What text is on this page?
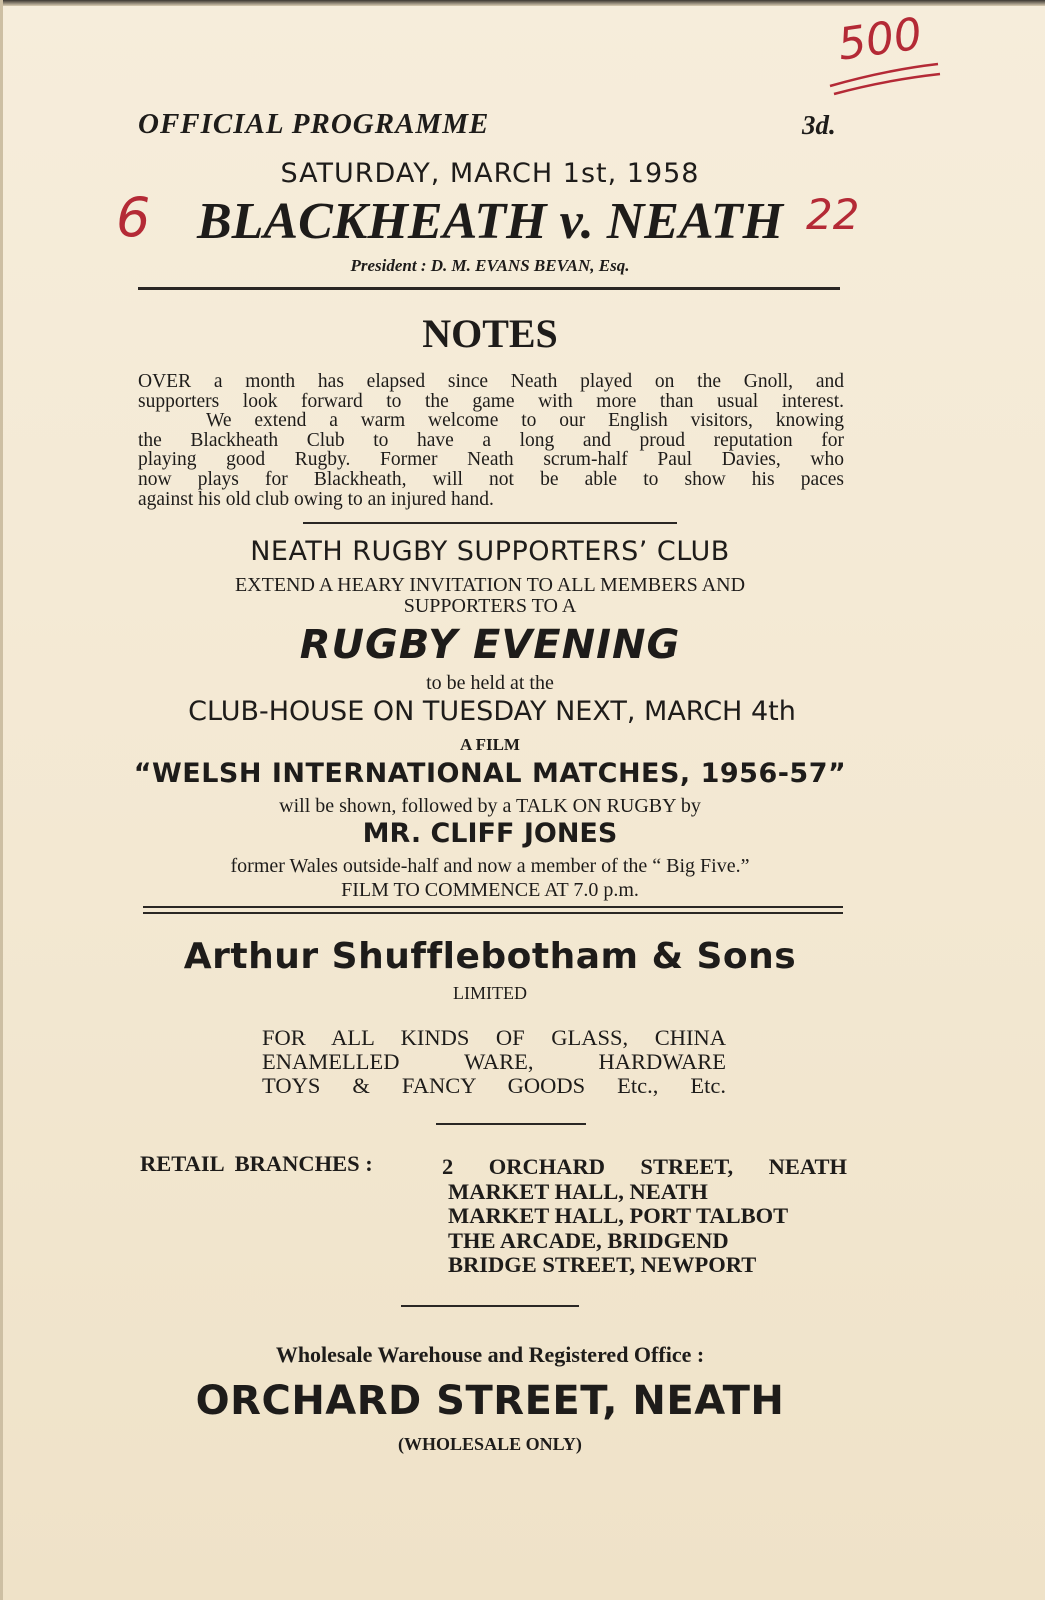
500
OFFICIAL PROGRAMME	3d.
SATURDAY, MARCH 1st, 1958
6 BLACKHEATH v. NEATH 22
President : D. M. EVANS BEVAN, Esq.
NOTES
OVER a month has elapsed since Neath played on the Gnoll, and
supporters look forward to the game with more than usual interest.
We extend a warm welcome to our English visitors, knowing
the Blackheath Club to have a long and proud reputation for
playing good Rugby. Former Neath scrum-half Paul Davies, who
now plays for Blackheath, will not be able to show his paces
against his old club owing to an injured hand.
NEATH RUGBY SUPPORTERS’ CLUB
EXTEND A HEARY INVITATION TO ALL MEMBERS AND
SUPPORTERS TO A
RUGBY EVENING
to be held at the
CLUB-HOUSE ON TUESDAY NEXT, MARCH 4th
A FILM
“WELSH INTERNATIONAL MATCHES, 1956-57”
will be shown, followed by a TALK ON RUGBY by
MR. CLIFF JONES
former Wales outside-half and now a member of the “ Big Five.”
FILM TO COMMENCE AT 7.0 p.m.
Arthur Shufflebotham & Sons
LIMITED
FOR ALL KINDS OF GLASS, CHINA
ENAMELLED WARE, HARDWARE
TOYS & FANCY GOODS Etc., Etc.
RETAIL  BRANCHES :	2 ORCHARD STREET, NEATH
MARKET HALL, NEATH
MARKET HALL, PORT TALBOT
THE ARCADE, BRIDGEND
BRIDGE STREET, NEWPORT
Wholesale Warehouse and Registered Office :
ORCHARD STREET, NEATH
(WHOLESALE ONLY)
